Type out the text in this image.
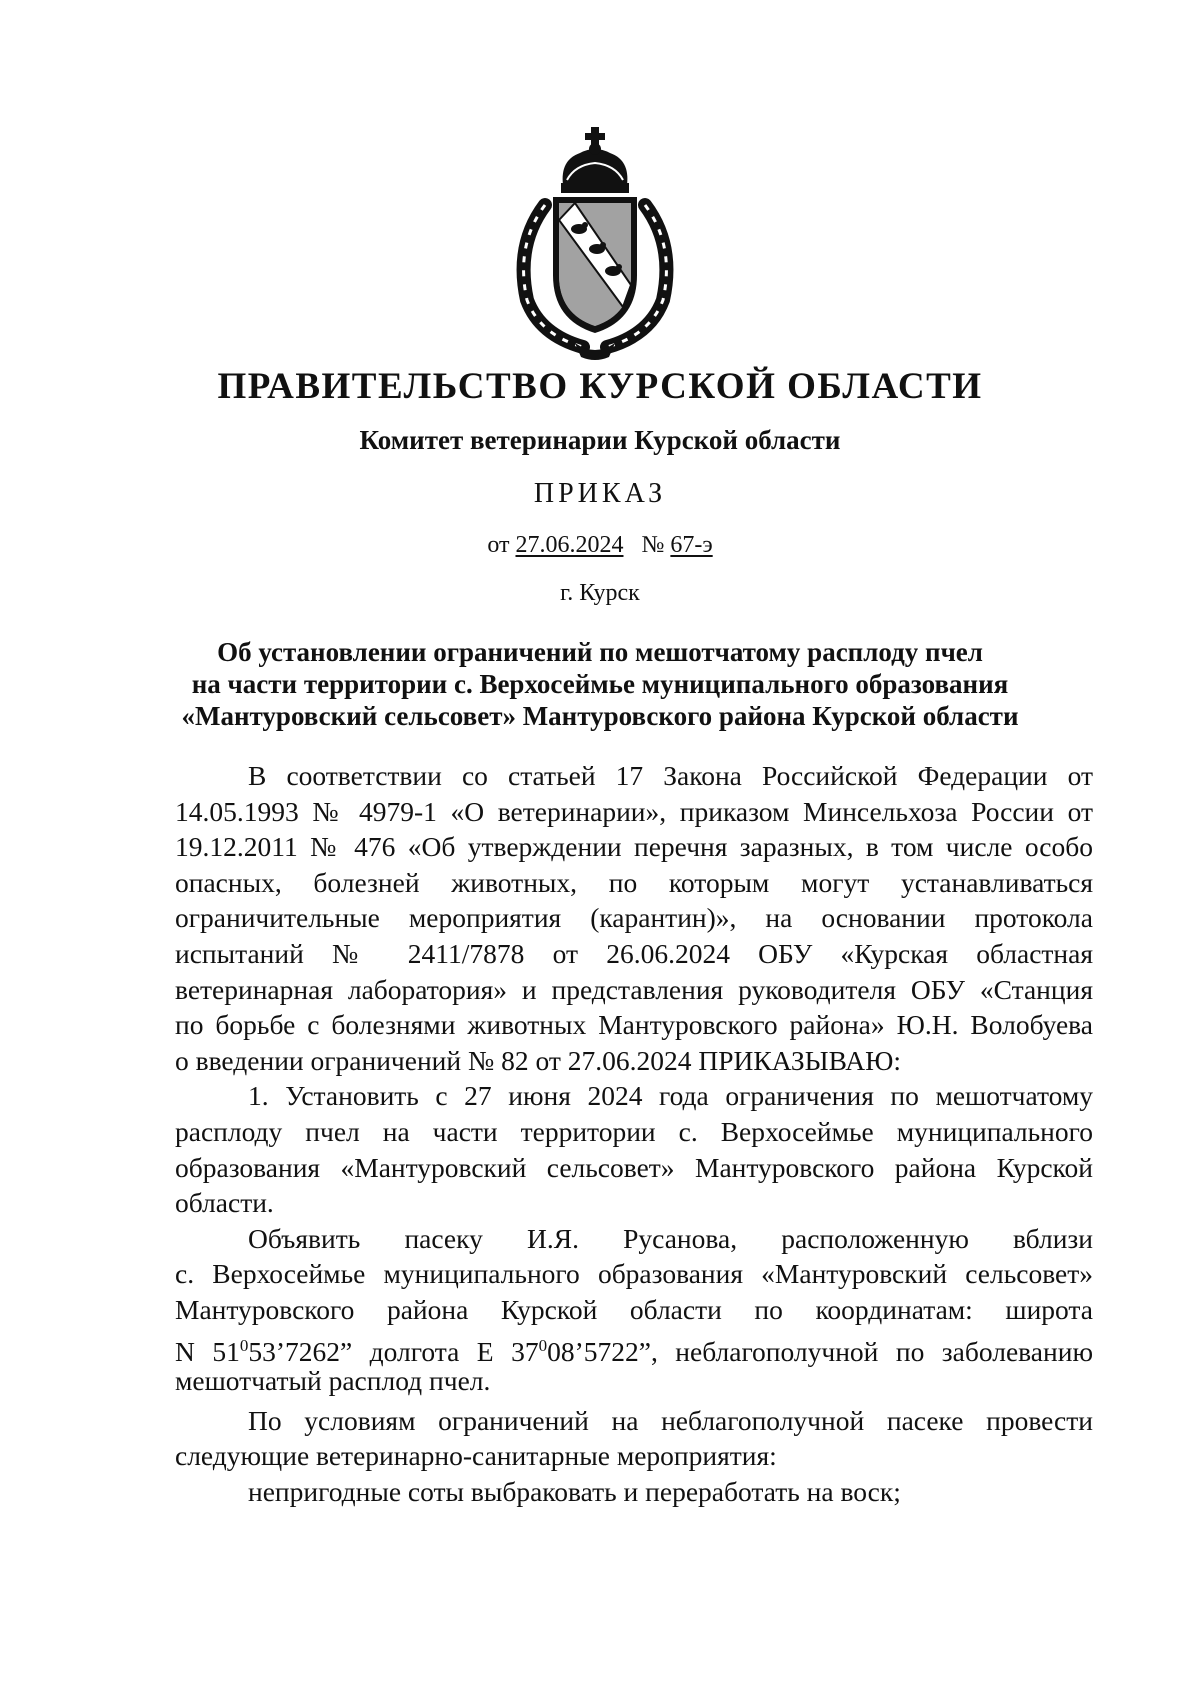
ПРАВИТЕЛЬСТВО КУРСКОЙ ОБЛАСТИ
Комитет ветеринарии Курской области
ПРИКАЗ
от 27.06.2024 № 67-э
г. Курск
Об установлении ограничений по мешотчатому расплоду пчел
на части территории с. Верхосеймье муниципального образования
«Мантуровский сельсовет» Мантуровского района Курской области
В соответствии со статьей 17 Закона Российской Федерации от
14.05.1993 № 4979-1 «О ветеринарии», приказом Минсельхоза России от
19.12.2011 № 476 «Об утверждении перечня заразных, в том числе особо
опасных, болезней животных, по которым могут устанавливаться
ограничительные мероприятия (карантин)», на основании протокола
испытаний № 2411/7878 от 26.06.2024 ОБУ «Курская областная
ветеринарная лаборатория» и представления руководителя ОБУ «Станция
по борьбе с болезнями животных Мантуровского района» Ю.Н. Волобуева
о введении ограничений № 82 от 27.06.2024 ПРИКАЗЫВАЮ:
1. Установить с 27 июня 2024 года ограничения по мешотчатому
расплоду пчел на части территории с. Верхосеймье муниципального
образования «Мантуровский сельсовет» Мантуровского района Курской
области.
Объявить пасеку И.Я. Русанова, расположенную вблизи
с. Верхосеймье муниципального образования «Мантуровский сельсовет»
Мантуровского района Курской области по координатам: широта
N $51^053’7262$” долгота E $37^008’5722$”, неблагополучной по заболеванию
мешотчатый расплод пчел.
По условиям ограничений на неблагополучной пасеке провести
следующие ветеринарно-санитарные мероприятия:
непригодные соты выбраковать и переработать на воск;
